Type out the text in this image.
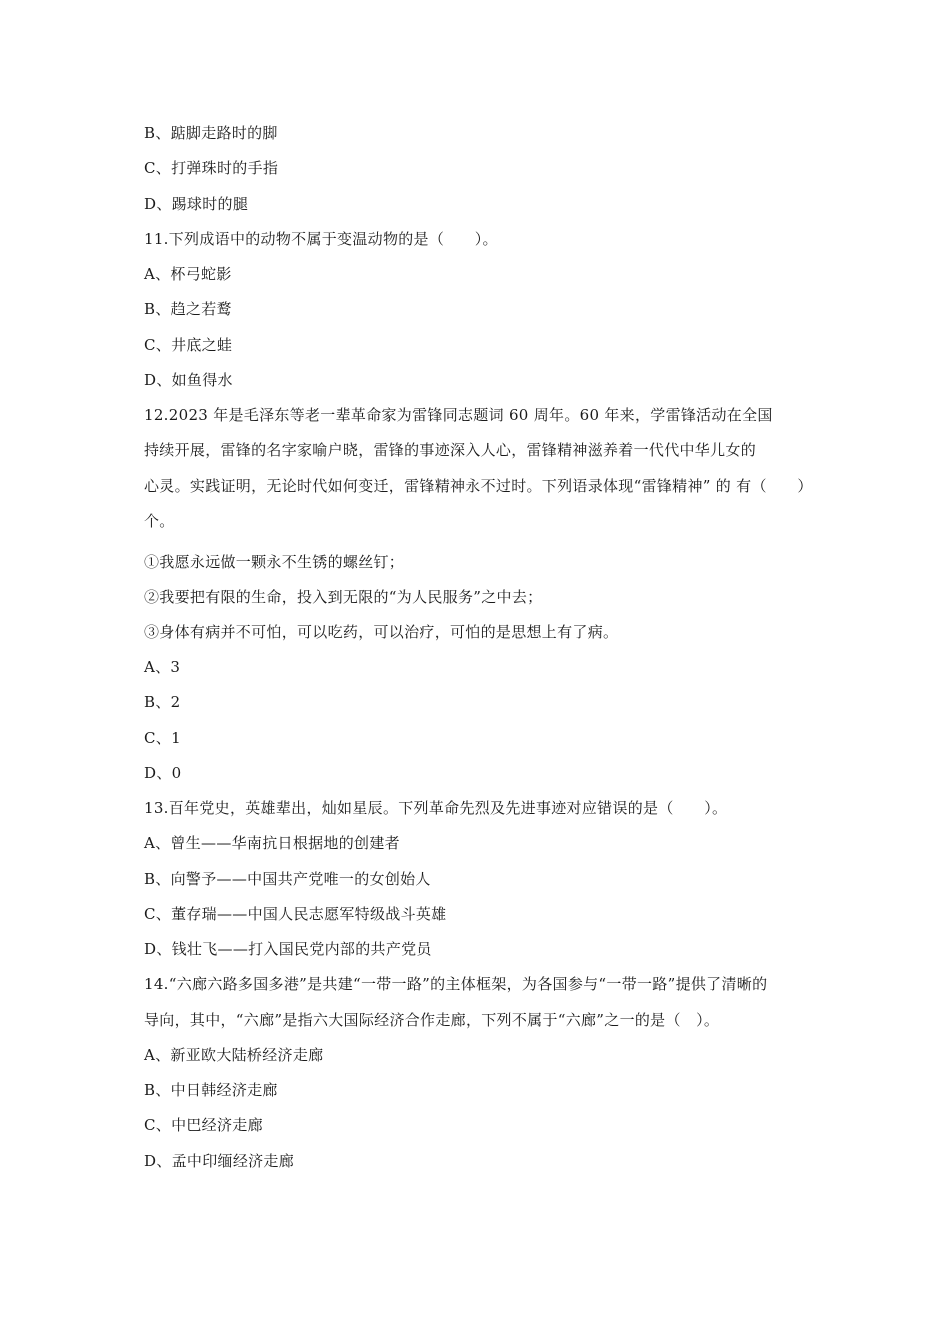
B、踮脚走路时的脚
C、打弹珠时的手指
D、踢球时的腿
11.下列成语中的动物不属于变温动物的是（　　）。
A、杯弓蛇影
B、趋之若鹜
C、井底之蛙
D、如鱼得水
12.2023 年是毛泽东等老一辈革命家为雷锋同志题词 60 周年。60 年来，学雷锋活动在全国
持续开展，雷锋的名字家喻户晓，雷锋的事迹深入人心，雷锋精神滋养着一代代中华儿女的
心灵。实践证明，无论时代如何变迁，雷锋精神永不过时。下列语录体现“雷锋精神” 的 有（　　）
个。
①我愿永远做一颗永不生锈的螺丝钉；
②我要把有限的生命，投入到无限的“为人民服务”之中去；
③身体有病并不可怕，可以吃药，可以治疗，可怕的是思想上有了病。
A、3
B、2
C、1
D、0
13.百年党史，英雄辈出，灿如星辰。下列革命先烈及先进事迹对应错误的是（　　）。
A、曾生——华南抗日根据地的创建者
B、向警予——中国共产党唯一的女创始人
C、董存瑞——中国人民志愿军特级战斗英雄
D、钱壮飞——打入国民党内部的共产党员
14.“六廊六路多国多港”是共建“一带一路”的主体框架，为各国参与“一带一路”提供了清晰的
导向，其中，“六廊”是指六大国际经济合作走廊，下列不属于“六廊”之一的是（　）。
A、新亚欧大陆桥经济走廊
B、中日韩经济走廊
C、中巴经济走廊
D、孟中印缅经济走廊
